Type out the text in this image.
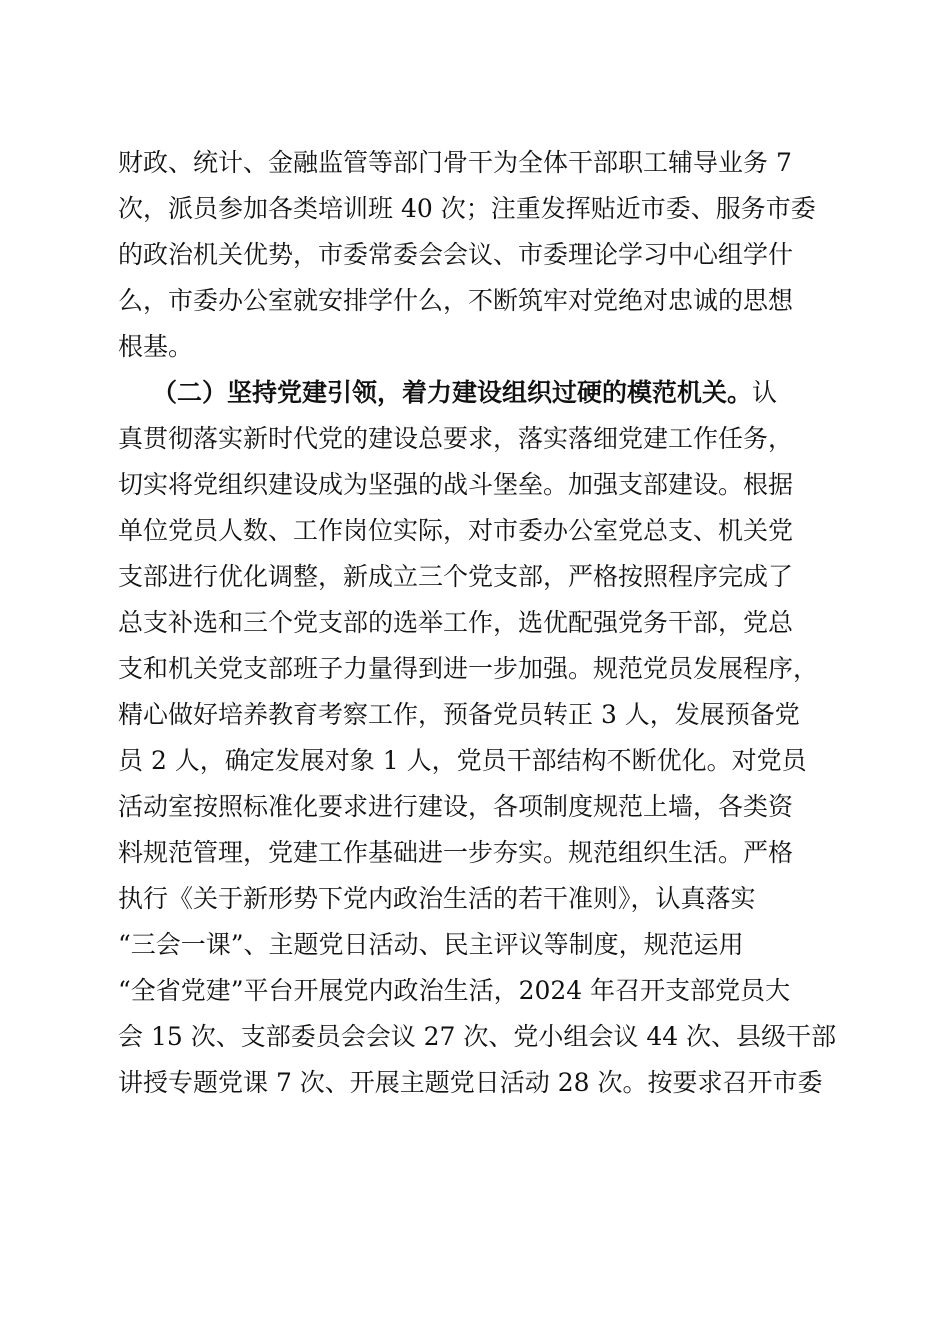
财政、统计、金融监管等部门骨干为全体干部职工辅导业务 7
次，派员参加各类培训班 40 次；注重发挥贴近市委、服务市委
的政治机关优势，市委常委会会议、市委理论学习中心组学什
么，市委办公室就安排学什么，不断筑牢对党绝对忠诚的思想
根基。
（二）坚持党建引领，着力建设组织过硬的模范机关。认
真贯彻落实新时代党的建设总要求，落实落细党建工作任务，
切实将党组织建设成为坚强的战斗堡垒。加强支部建设。根据
单位党员人数、工作岗位实际，对市委办公室党总支、机关党
支部进行优化调整，新成立三个党支部，严格按照程序完成了
总支补选和三个党支部的选举工作，选优配强党务干部，党总
支和机关党支部班子力量得到进一步加强。规范党员发展程序，
精心做好培养教育考察工作，预备党员转正 3 人，发展预备党
员 2 人，确定发展对象 1 人，党员干部结构不断优化。对党员
活动室按照标准化要求进行建设，各项制度规范上墙，各类资
料规范管理，党建工作基础进一步夯实。规范组织生活。严格
执行《关于新形势下党内政治生活的若干准则》，认真落实
“三会一课”、主题党日活动、民主评议等制度，规范运用
“全省党建”平台开展党内政治生活，2024 年召开支部党员大
会 15 次、支部委员会会议 27 次、党小组会议 44 次、县级干部
讲授专题党课 7 次、开展主题党日活动 28 次。按要求召开市委
